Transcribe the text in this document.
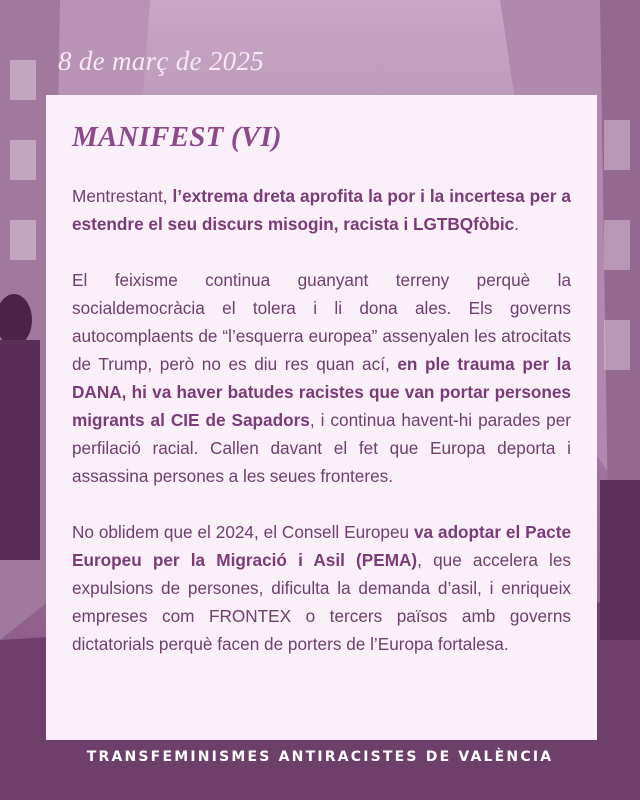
8 de març de 2025
MANIFEST (VI)

Mentrestant, l’extrema dreta aprofita la por i la incertesa per a estendre el seu discurs misogin, racista i LGTBQfòbic.

El feixisme continua guanyant terreny perquè la socialdemocràcia el tolera i li dona ales. Els governs autocomplaents de “l’esquerra europea” assenyalen les atrocitats de Trump, però no es diu res quan ací, en ple trauma per la DANA, hi va haver batudes racistes que van portar persones migrants al CIE de Sapadors, i continua havent-hi parades per perfilació racial. Callen davant el fet que Europa deporta i assassina persones a les seues fronteres.

No oblidem que el 2024, el Consell Europeu va adoptar el Pacte Europeu per la Migració i Asil (PEMA), que accelera les expulsions de persones, dificulta la demanda d’asil, i enriqueix empreses com FRONTEX o tercers països amb governs dictatorials perquè facen de porters de l’Europa fortalesa.

TRANSFEMINISMES ANTIRACISTES DE VALÈNCIA
